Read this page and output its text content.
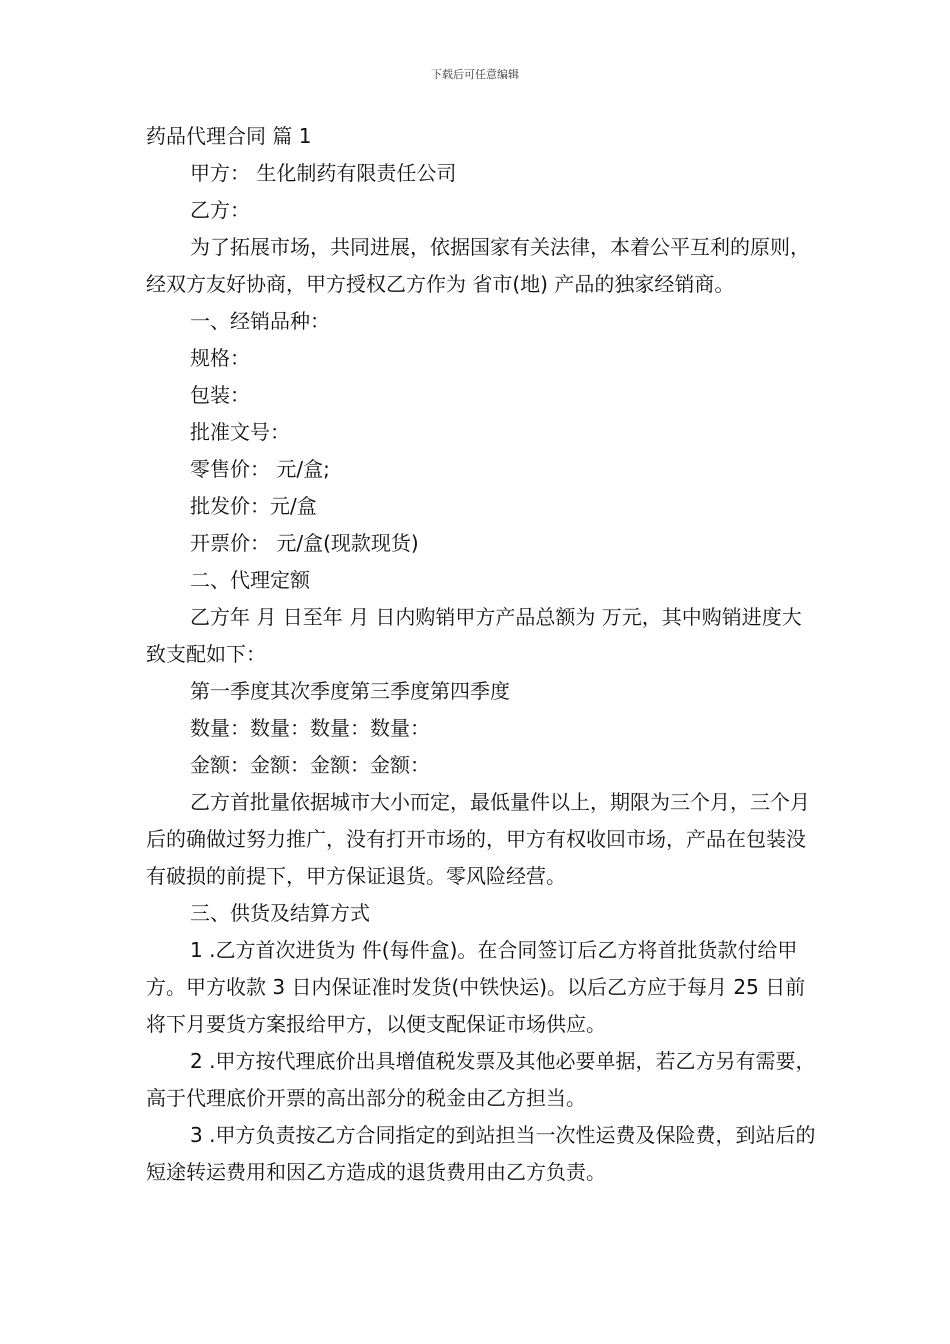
下载后可任意编辑

药品代理合同 篇 1

甲方： 生化制药有限责任公司

乙方：

为了拓展市场，共同进展，依据国家有关法律，本着公平互利的原则，经双方友好协商，甲方授权乙方作为 省市(地) 产品的独家经销商。

一、经销品种：

规格：

包装：

批准文号：

零售价： 元/盒;

批发价：元/盒

开票价： 元/盒(现款现货)

二、代理定额

乙方年 月 日至年 月 日内购销甲方产品总额为 万元，其中购销进度大致支配如下：

第一季度其次季度第三季度第四季度

数量：数量：数量：数量：

金额：金额：金额：金额：

乙方首批量依据城市大小而定，最低量件以上，期限为三个月，三个月后的确做过努力推广，没有打开市场的，甲方有权收回市场，产品在包装没有破损的前提下，甲方保证退货。零风险经营。

三、供货及结算方式

1 .乙方首次进货为 件(每件盒)。在合同签订后乙方将首批货款付给甲方。甲方收款 3 日内保证准时发货(中铁快运)。以后乙方应于每月 25 日前将下月要货方案报给甲方，以便支配保证市场供应。

2 .甲方按代理底价出具增值税发票及其他必要单据，若乙方另有需要，高于代理底价开票的高出部分的税金由乙方担当。

3 .甲方负责按乙方合同指定的到站担当一次性运费及保险费，到站后的短途转运费用和因乙方造成的退货费用由乙方负责。
